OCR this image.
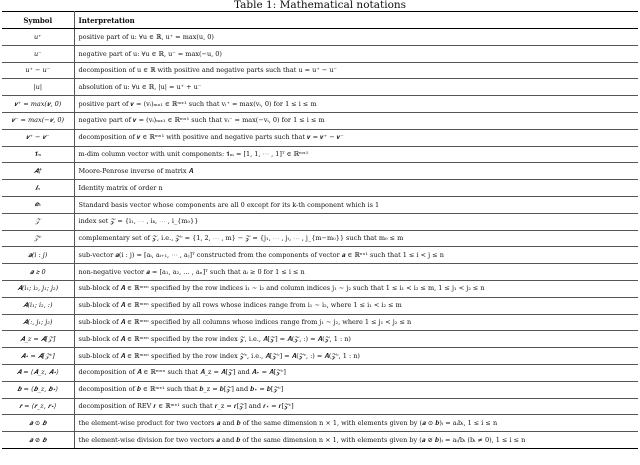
Table 1: Mathematical notations
Symbol	Interpretation
u⁺	positive part of u: ∀u ∈ ℝ, u⁺ = max(u, 0)
u⁻	negative part of u: ∀u ∈ ℝ, u⁻ = max(−u, 0)
u⁺ − u⁻	decomposition of u ∈ ℝ with positive and negative parts such that u = u⁺ − u⁻
|u|	absolution of u: ∀u ∈ ℝ, |u| = u⁺ + u⁻
𝒗⁺ = max(𝒗, 0)	positive part of 𝒗 = (vᵢ)ₘₓ₁ ∈ ℝᵐˣ¹ such that vᵢ⁺ = max(vᵢ, 0) for 1 ≤ i ≤ m
𝒗⁻ = max(−𝒗, 0)	negative part of 𝒗 = (vᵢ)ₘₓ₁ ∈ ℝᵐˣ¹ such that vᵢ⁻ = max(−vᵢ, 0) for 1 ≤ i ≤ m
𝒗⁺ − 𝒗⁻	decomposition of 𝒗 ∈ ℝᵐˣ¹ with positive and negative parts such that 𝒗 = 𝒗⁺ − 𝒗⁻
𝟏ₘ	m-dim column vector with unit components: 𝟏ₘ = [1, 1, ⋯ , 1]ᵀ ∈ ℝᵐˣ¹
𝑨†	Moore-Penrose inverse of matrix 𝑨
𝑰ₙ	Identity matrix of order n
𝒆ₖ	Standard basis vector whose components are all 0 except for its k-th component which is 1
𝒵	index set 𝒵 = {i₁, ⋯ , iₖ, ⋯ , i_{m₀}}
𝒵ᶜ	complementary set of 𝒵, i.e., 𝒵ᶜ = {1, 2, ⋯ , m} − 𝒵 = {j₁, ⋯ , jₜ, ⋯ , j_{m−m₀}} such that m₀ ≤ m
𝒂(i : j)	sub-vector 𝒂(i : j) = [aᵢ, aᵢ₊₁, ⋯ , aⱼ]ᵀ constructed from the components of vector 𝒂 ∈ ℝⁿˣ¹ such that 1 ≤ i < j ≤ n
𝒂 ≽ 0	non-negative vector 𝒂 = [a₁, a₂, … , aₙ]ᵀ such that aᵢ ≥ 0 for 1 ≤ i ≤ n
𝑨(i₁; i₂, j₁; j₂)	sub-block of 𝑨 ∈ ℝᵐˣⁿ specified by the row indices i₁ ∼ i₂ and column indices j₁ ∼ j₂ such that 1 ≤ i₁ < i₂ ≤ m, 1 ≤ j₁ < j₂ ≤ n
𝑨(i₁; i₂, :)	sub-block of 𝑨 ∈ ℝᵐˣⁿ specified by all rows whose indices range from i₁ ∼ i₂, where 1 ≤ i₁ < i₂ ≤ m
𝑨(:, j₁; j₂)	sub-block of 𝑨 ∈ ℝᵐˣⁿ specified by all columns whose indices range from j₁ ∼ j₂, where 1 ≤ j₁ < j₂ ≤ n
𝑨_z = 𝑨[𝒵]	sub-block of 𝑨 ∈ ℝᵐˣⁿ specified by the row index 𝒵, i.e., 𝑨[𝒵] = 𝑨(𝒵, :) = 𝑨(𝒵, 1 : n)
𝑨⋆ = 𝑨[𝒵ᶜ]	sub-block of 𝑨 ∈ ℝᵐˣⁿ specified by the row index 𝒵ᶜ, i.e., 𝑨[𝒵ᶜ] = 𝑨(𝒵ᶜ, :) = 𝑨(𝒵ᶜ, 1 : n)
𝑨 = ⟨𝑨_z, 𝑨⋆⟩	decomposition of 𝑨 ∈ ℝᵐˣⁿ such that 𝑨_z = 𝑨[𝒵] and 𝑨⋆ = 𝑨[𝒵ᶜ]
𝒃 = ⟨𝒃_z, 𝒃⋆⟩	decomposition of 𝒃 ∈ ℝᵐˣ¹ such that 𝒃_z = 𝒃[𝒵] and 𝒃⋆ = 𝒃[𝒵ᶜ]
𝒓 = ⟨𝒓_z, 𝒓⋆⟩	decomposition of REV 𝒓 ∈ ℝᵐˣ¹ such that 𝒓_z = 𝒓[𝒵] and 𝒓⋆ = 𝒓[𝒵ᶜ]
𝒂 ⊙ 𝒃	the element-wise product for two vectors 𝒂 and 𝒃 of the same dimension n × 1, with elements given by (𝒂 ⊙ 𝒃)ᵢ = aᵢbᵢ, 1 ≤ i ≤ n
𝒂 ⊘ 𝒃	the element-wise division for two vectors 𝒂 and 𝒃 of the same dimension n × 1, with elements given by (𝒂 ⊘ 𝒃)ᵢ = aᵢ/bᵢ (bᵢ ≠ 0), 1 ≤ i ≤ n
